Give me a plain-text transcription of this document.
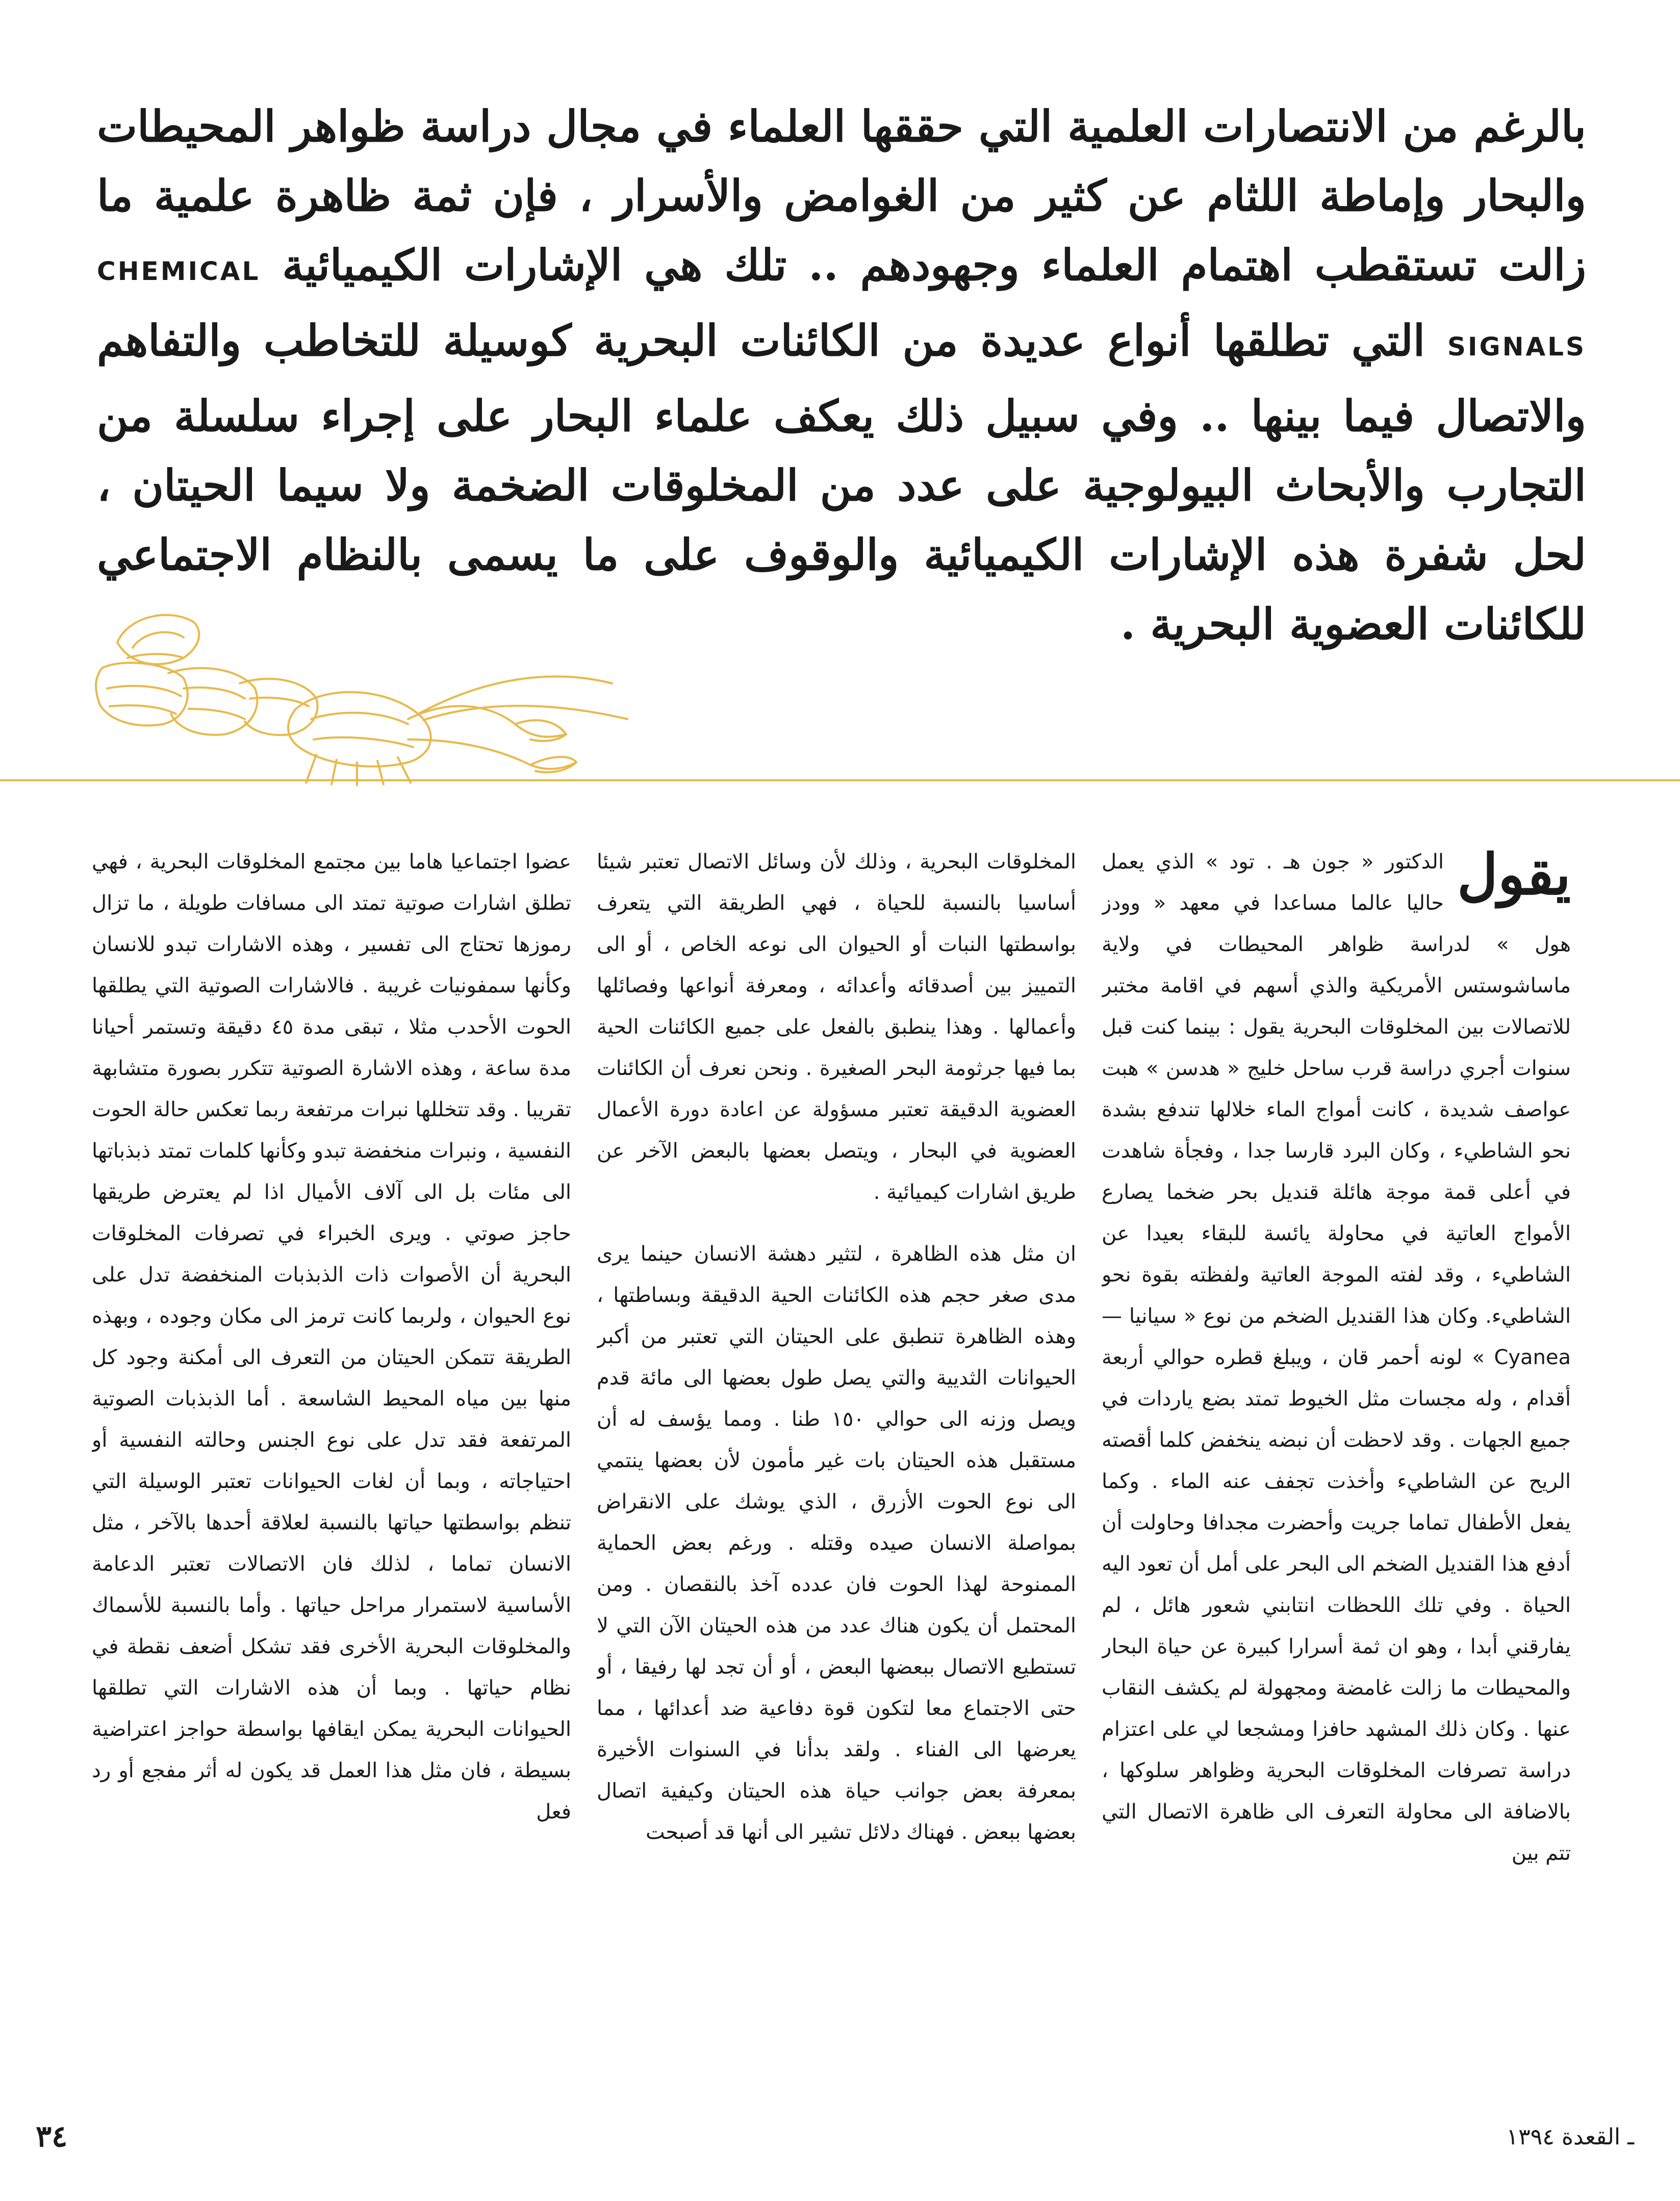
بالرغم من الانتصارات العلمية التي حققها العلماء في مجال دراسة ظواهر المحيطات والبحار وإماطة اللثام عن كثير من الغوامض والأسرار ، فإن ثمة ظاهرة علمية ما زالت تستقطب اهتمام العلماء وجهودهم .. تلك هي الإشارات الكيميائية CHEMICAL SIGNALS التي تطلقها أنواع عديدة من الكائنات البحرية كوسيلة للتخاطب والتفاهم والاتصال فيما بينها .. وفي سبيل ذلك يعكف علماء البحار على إجراء سلسلة من التجارب والأبحاث البيولوجية على عدد من المخلوقات الضخمة ولا سيما الحيتان ، لحل شفرة هذه الإشارات الكيميائية والوقوف على ما يسمى بالنظام الاجتماعي للكائنات العضوية البحرية .
يقول

الدكتور « جون هـ . تود » الذي يعمل حاليا عالما مساعدا في معهد « وودز هول » لدراسة ظواهر المحيطات في ولاية ماساشوستس الأمريكية والذي أسهم في اقامة مختبر للاتصالات بين المخلوقات البحرية يقول : بينما كنت قبل سنوات أجري دراسة قرب ساحل خليج « هدسن » هبت عواصف شديدة ، كانت أمواج الماء خلالها تندفع بشدة نحو الشاطيء ، وكان البرد قارسا جدا ، وفجأة شاهدت في أعلى قمة موجة هائلة قنديل بحر ضخما يصارع الأمواج العاتية في محاولة يائسة للبقاء بعيدا عن الشاطيء ، وقد لفته الموجة العاتية ولفظته بقوة نحو الشاطيء. وكان هذا القنديل الضخم من نوع « سيانيا — Cyanea » لونه أحمر قان ، ويبلغ قطره حوالي أربعة أقدام ، وله مجسات مثل الخيوط تمتد بضع ياردات في جميع الجهات . وقد لاحظت أن نبضه ينخفض كلما أقصته الريح عن الشاطيء وأخذت تجفف عنه الماء . وكما يفعل الأطفال تماما جريت وأحضرت مجدافا وحاولت أن أدفع هذا القنديل الضخم الى البحر على أمل أن تعود اليه الحياة . وفي تلك اللحظات انتابني شعور هائل ، لم يفارقني أبدا ، وهو ان ثمة أسرارا كبيرة عن حياة البحار والمحيطات ما زالت غامضة ومجهولة لم يكشف النقاب عنها . وكان ذلك المشهد حافزا ومشجعا لي على اعتزام دراسة تصرفات المخلوقات البحرية وظواهر سلوكها ، بالاضافة الى محاولة التعرف الى ظاهرة الاتصال التي تتم بين

المخلوقات البحرية ، وذلك لأن وسائل الاتصال تعتبر شيئا أساسيا بالنسبة للحياة ، فهي الطريقة التي يتعرف بواسطتها النبات أو الحيوان الى نوعه الخاص ، أو الى التمييز بين أصدقائه وأعدائه ، ومعرفة أنواعها وفصائلها وأعمالها . وهذا ينطبق بالفعل على جميع الكائنات الحية بما فيها جرثومة البحر الصغيرة . ونحن نعرف أن الكائنات العضوية الدقيقة تعتبر مسؤولة عن اعادة دورة الأعمال العضوية في البحار ، ويتصل بعضها بالبعض الآخر عن طريق اشارات كيميائية .

ان مثل هذه الظاهرة ، لتثير دهشة الانسان حينما يرى مدى صغر حجم هذه الكائنات الحية الدقيقة وبساطتها ، وهذه الظاهرة تنطبق على الحيتان التي تعتبر من أكبر الحيوانات الثديية والتي يصل طول بعضها الى مائة قدم ويصل وزنه الى حوالي ١٥٠ طنا . ومما يؤسف له أن مستقبل هذه الحيتان بات غير مأمون لأن بعضها ينتمي الى نوع الحوت الأزرق ، الذي يوشك على الانقراض بمواصلة الانسان صيده وقتله . ورغم بعض الحماية الممنوحة لهذا الحوت فان عدده آخذ بالنقصان . ومن المحتمل أن يكون هناك عدد من هذه الحيتان الآن التي لا تستطيع الاتصال ببعضها البعض ، أو أن تجد لها رفيقا ، أو حتى الاجتماع معا لتكون قوة دفاعية ضد أعدائها ، مما يعرضها الى الفناء . ولقد بدأنا في السنوات الأخيرة بمعرفة بعض جوانب حياة هذه الحيتان وكيفية اتصال بعضها ببعض . فهناك دلائل تشير الى أنها قد أصبحت

عضوا اجتماعيا هاما بين مجتمع المخلوقات البحرية ، فهي تطلق اشارات صوتية تمتد الى مسافات طويلة ، ما تزال رموزها تحتاج الى تفسير ، وهذه الاشارات تبدو للانسان وكأنها سمفونيات غريبة . فالاشارات الصوتية التي يطلقها الحوت الأحدب مثلا ، تبقى مدة ٤٥ دقيقة وتستمر أحيانا مدة ساعة ، وهذه الاشارة الصوتية تتكرر بصورة متشابهة تقريبا . وقد تتخللها نبرات مرتفعة ربما تعكس حالة الحوت النفسية ، ونبرات منخفضة تبدو وكأنها كلمات تمتد ذبذباتها الى مئات بل الى آلاف الأميال اذا لم يعترض طريقها حاجز صوتي . ويرى الخبراء في تصرفات المخلوقات البحرية أن الأصوات ذات الذبذبات المنخفضة تدل على نوع الحيوان ، ولربما كانت ترمز الى مكان وجوده ، وبهذه الطريقة تتمكن الحيتان من التعرف الى أمكنة وجود كل منها بين مياه المحيط الشاسعة . أما الذبذبات الصوتية المرتفعة فقد تدل على نوع الجنس وحالته النفسية أو احتياجاته ، وبما أن لغات الحيوانات تعتبر الوسيلة التي تنظم بواسطتها حياتها بالنسبة لعلاقة أحدها بالآخر ، مثل الانسان تماما ، لذلك فان الاتصالات تعتبر الدعامة الأساسية لاستمرار مراحل حياتها . وأما بالنسبة للأسماك والمخلوقات البحرية الأخرى فقد تشكل أضعف نقطة في نظام حياتها . وبما أن هذه الاشارات التي تطلقها الحيوانات البحرية يمكن ايقافها بواسطة حواجز اعتراضية بسيطة ، فان مثل هذا العمل قد يكون له أثر مفجع أو رد فعل

٣٤	ـ القعدة ١٣٩٤
